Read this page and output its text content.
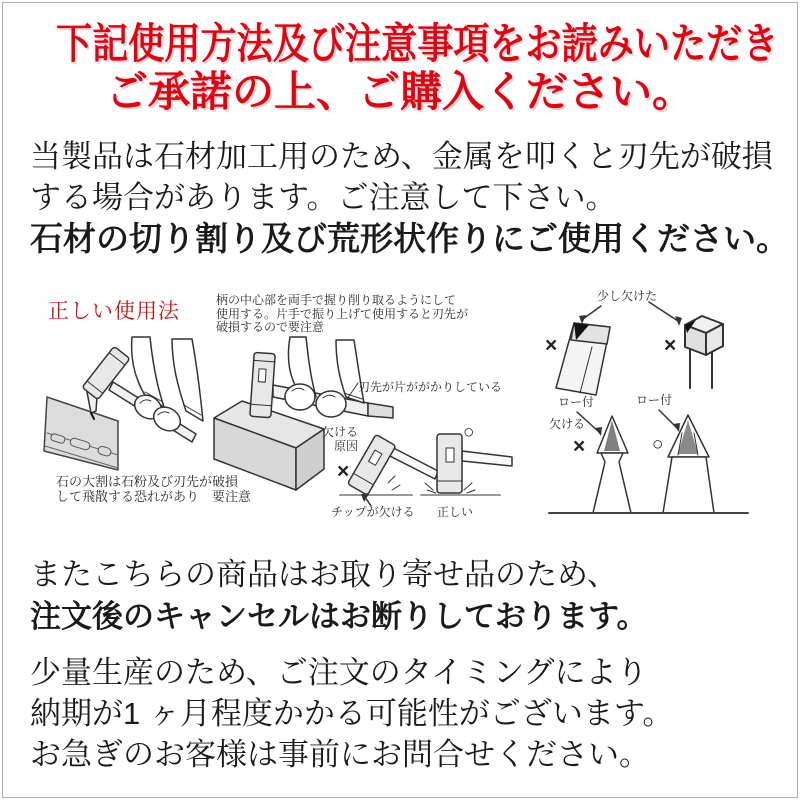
下記使用方法及び注意事項をお読みいただき
ご承諾の上、ご購入ください。
当製品は石材加工用のため、金属を叩くと刃先が破損
する場合があります。ご注意して下さい。
石材の切り割り及び荒形状作りにご使用ください。
正しい使用法	柄の中心部を両手で握り削り取るようにして
使用する。片手で振り上げて使用すると刃先が
破損するので要注意
石の大割は石粉及び刃先が破損
して飛散する恐れがあり　要注意
刃先が片ががかりしている
欠ける
原因
×
チップが欠ける
○
正しい
少し欠けた
×	×
ロー付	ロー付
欠ける
×	○
またこちらの商品はお取り寄せ品のため、
注文後のキャンセルはお断りしております。
少量生産のため、ご注文のタイミングにより
納期が1 ヶ月程度かかる可能性がございます。
お急ぎのお客様は事前にお問合せください。
